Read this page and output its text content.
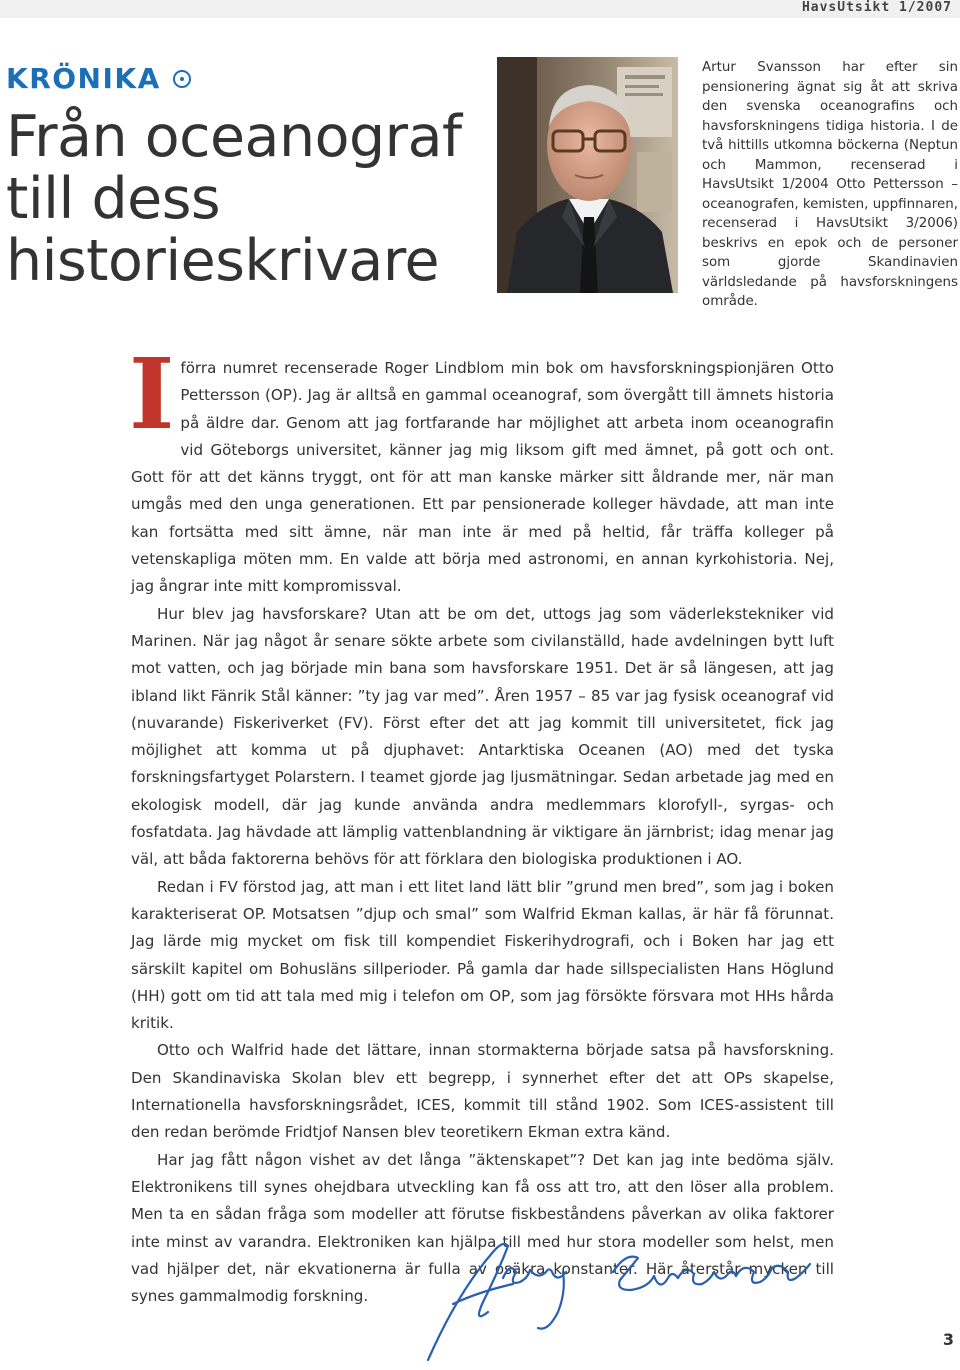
HavsUtsikt 1/2007
KRÖNIKA
Från oceanograf
till dess
historieskrivare
Artur Svansson har efter sin pensionering ägnat sig åt att skriva den svenska oceanografins och havsforskningens tidiga historia. I de två hittills utkomna böckerna (Neptun och Mammon, recenserad i HavsUtsikt 1/2004 Otto Pettersson – oceanografen, kemisten, uppfinnaren, recenserad i HavsUtsikt 3/2006) beskrivs en epok och de personer som gjorde Skandinavien världsledande på havsforskningens område.
I förra numret recenserade Roger Lindblom min bok om havsforskningspionjären Otto Pettersson (OP). Jag är alltså en gammal oceanograf, som övergått till ämnets historia på äldre dar. Genom att jag fortfarande har möjlighet att arbeta inom oceanografin vid Göteborgs universitet, känner jag mig liksom gift med ämnet, på gott och ont. Gott för att det känns tryggt, ont för att man kanske märker sitt åldrande mer, när man umgås med den unga generationen. Ett par pensionerade kolleger hävdade, att man inte kan fortsätta med sitt ämne, när man inte är med på heltid, får träffa kolleger på vetenskapliga möten mm. En valde att börja med astronomi, en annan kyrkohistoria. Nej, jag ångrar inte mitt kompromissval.

Hur blev jag havsforskare? Utan att be om det, uttogs jag som väderlekstekniker vid Marinen. När jag något år senare sökte arbete som civilanställd, hade avdelningen bytt luft mot vatten, och jag började min bana som havsforskare 1951. Det är så längesen, att jag ibland likt Fänrik Stål känner: ”ty jag var med”. Åren 1957 – 85 var jag fysisk oceanograf vid (nuvarande) Fiskeriverket (FV). Först efter det att jag kommit till universitetet, fick jag möjlighet att komma ut på djuphavet: Antarktiska Oceanen (AO) med det tyska forskningsfartyget Polarstern. I teamet gjorde jag ljusmätningar. Sedan arbetade jag med en ekologisk modell, där jag kunde använda andra medlemmars klorofyll-, syrgas- och fosfatdata. Jag hävdade att lämplig vattenblandning är viktigare än järnbrist; idag menar jag väl, att båda faktorerna behövs för att förklara den biologiska produktionen i AO.

Redan i FV förstod jag, att man i ett litet land lätt blir ”grund men bred”, som jag i boken karakteriserat OP. Motsatsen ”djup och smal” som Walfrid Ekman kallas, är här få förunnat. Jag lärde mig mycket om fisk till kompendiet Fiskerihydrografi, och i Boken har jag ett särskilt kapitel om Bohusläns sillperioder. På gamla dar hade sillspecialisten Hans Höglund (HH) gott om tid att tala med mig i telefon om OP, som jag försökte försvara mot HHs hårda kritik.

Otto och Walfrid hade det lättare, innan stormakterna började satsa på havsforskning. Den Skandinaviska Skolan blev ett begrepp, i synnerhet efter det att OPs skapelse, Internationella havsforskningsrådet, ICES, kommit till stånd 1902. Som ICES-assistent till den redan berömde Fridtjof Nansen blev teoretikern Ekman extra känd.

Har jag fått någon vishet av det långa ”äktenskapet”? Det kan jag inte bedöma själv. Elektronikens till synes ohejdbara utveckling kan få oss att tro, att den löser alla problem. Men ta en sådan fråga som modeller att förutse fiskbeståndens påverkan av olika faktorer inte minst av varandra. Elektroniken kan hjälpa till med hur stora modeller som helst, men vad hjälper det, när ekvationerna är fulla av osäkra konstanter. Här återstår mycken till synes gammalmodig forskning.

3
